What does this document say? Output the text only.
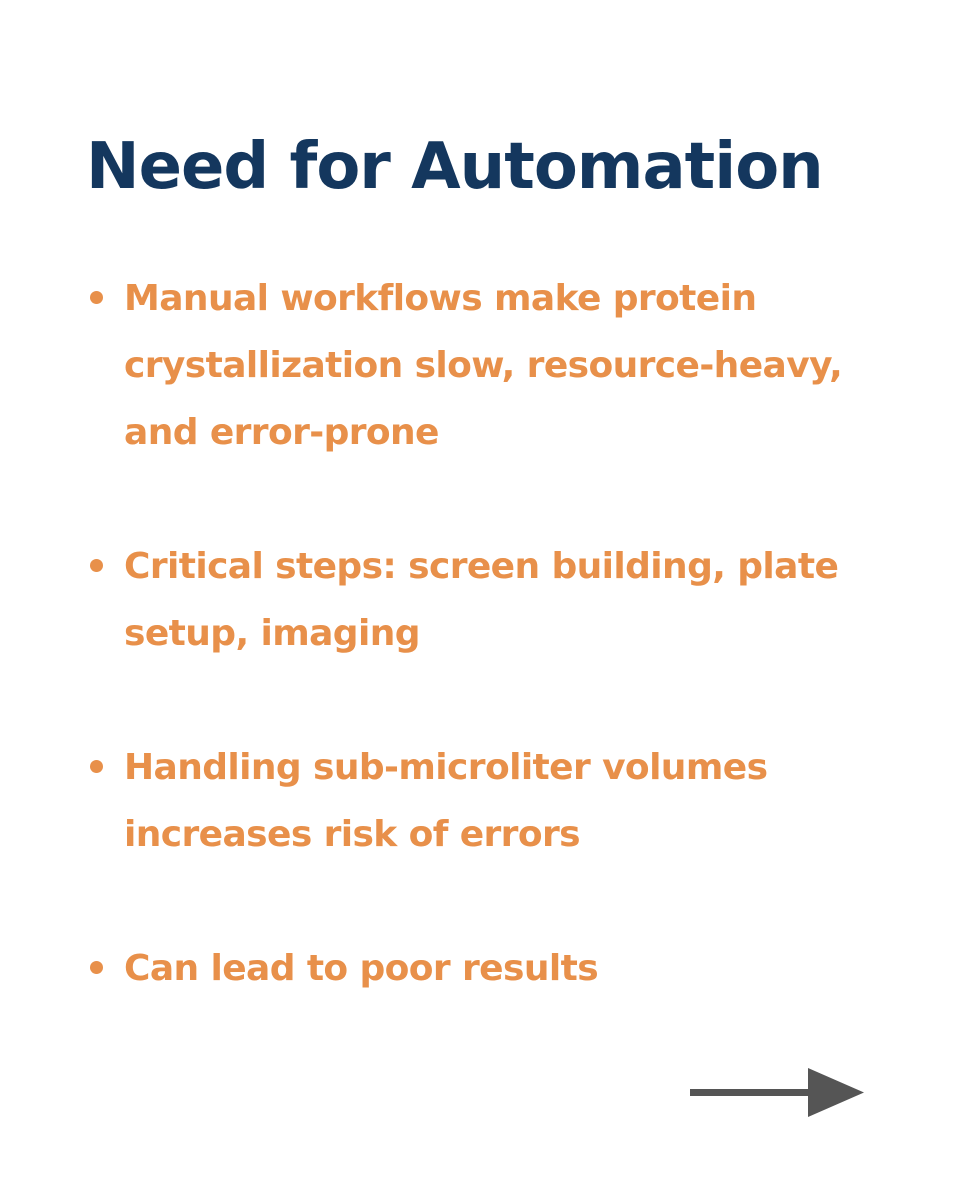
Need for Automation
Manual workflows make protein crystallization slow, resource-heavy, and error-prone
Critical steps: screen building, plate setup, imaging
Handling sub-microliter volumes increases risk of errors
Can lead to poor results
